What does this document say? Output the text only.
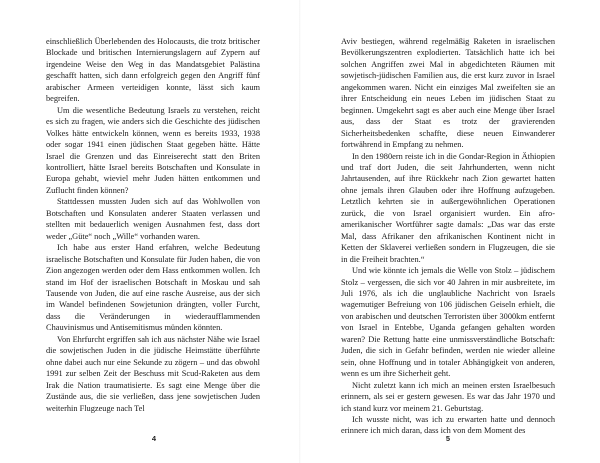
einschließlich Überlebenden des Holocausts, die trotz britischer Blockade und britischen Internierungslagern auf Zypern auf irgendeine Weise den Weg in das Mandatsgebiet Palästina geschafft hatten, sich dann erfolgreich gegen den Angriff fünf arabischer Armeen verteidigen konnte, lässt sich kaum begreifen.

Um die wesentliche Bedeutung Israels zu verstehen, reicht es sich zu fragen, wie anders sich die Geschichte des jüdischen Volkes hätte entwickeln können, wenn es bereits 1933, 1938 oder sogar 1941 einen jüdischen Staat gegeben hätte. Hätte Israel die Grenzen und das Einreiserecht statt den Briten kontrolliert, hätte Israel bereits Botschaften und Konsulate in Europa gehabt, wieviel mehr Juden hätten entkommen und Zuflucht finden können?

Stattdessen mussten Juden sich auf das Wohlwollen von Botschaften und Konsulaten anderer Staaten verlassen und stellten mit bedauerlich wenigen Ausnahmen fest, dass dort weder „Güte“ noch „Wille“ vorhanden waren.

Ich habe aus erster Hand erfahren, welche Bedeutung israelische Botschaften und Konsulate für Juden haben, die von Zion angezogen werden oder dem Hass entkommen wollen. Ich stand im Hof der israelischen Botschaft in Moskau und sah Tausende von Juden, die auf eine rasche Ausreise, aus der sich im Wandel befindenen Sowjetunion drängten, voller Furcht, dass die Veränderungen in wiederaufflammenden Chauvinismus und Antisemitismus münden könnten.

Von Ehrfurcht ergriffen sah ich aus nächster Nähe wie Israel die sowjetischen Juden in die jüdische Heimstätte überführte ohne dabei auch nur eine Sekunde zu zögern – und das obwohl 1991 zur selben Zeit der Beschuss mit Scud-Raketen aus dem Irak die Nation traumatisierte. Es sagt eine Menge über die Zustände aus, die sie verließen, dass jene sowjetischen Juden weiterhin Flugzeuge nach Tel

4

Aviv bestiegen, während regelmäßig Raketen in israelischen Bevölkerungszentren explodierten. Tatsächlich hatte ich bei solchen Angriffen zwei Mal in abgedichteten Räumen mit sowjetisch-jüdischen Familien aus, die erst kurz zuvor in Israel angekommen waren. Nicht ein einziges Mal zweifelten sie an ihrer Entscheidung ein neues Leben im jüdischen Staat zu beginnen. Umgekehrt sagt es aber auch eine Menge über Israel aus, dass der Staat es trotz der gravierenden Sicherheitsbedenken schaffte, diese neuen Einwanderer fortwährend in Empfang zu nehmen.

In den 1980ern reiste ich in die Gondar-Region in Äthiopien und traf dort Juden, die seit Jahrhunderten, wenn nicht Jahrtausenden, auf ihre Rückkehr nach Zion gewartet hatten ohne jemals ihren Glauben oder ihre Hoffnung aufzugeben. Letztlich kehrten sie in außergewöhnlichen Operationen zurück, die von Israel organisiert wurden. Ein afro-amerikanischer Wortführer sagte damals: „Das war das erste Mal, dass Afrikaner den afrikanischen Kontinent nicht in Ketten der Sklaverei verließen sondern in Flugzeugen, die sie in die Freiheit brachten.“

Und wie könnte ich jemals die Welle von Stolz – jüdischem Stolz – vergessen, die sich vor 40 Jahren in mir ausbreitete, im Juli 1976, als ich die unglaubliche Nachricht von Israels wagemutiger Befreiung von 106 jüdischen Geiseln erhielt, die von arabischen und deutschen Terroristen über 3000km entfernt von Israel in Entebbe, Uganda gefangen gehalten worden waren? Die Rettung hatte eine unmissverständliche Botschaft: Juden, die sich in Gefahr befinden, werden nie wieder alleine sein, ohne Hoffnung und in totaler Abhängigkeit von anderen, wenn es um ihre Sicherheit geht.

Nicht zuletzt kann ich mich an meinen ersten Israelbesuch erinnern, als sei er gestern gewesen. Es war das Jahr 1970 und ich stand kurz vor meinem 21. Geburtstag.

Ich wusste nicht, was ich zu erwarten hatte und dennoch erinnere ich mich daran, dass ich von dem Moment des

5
